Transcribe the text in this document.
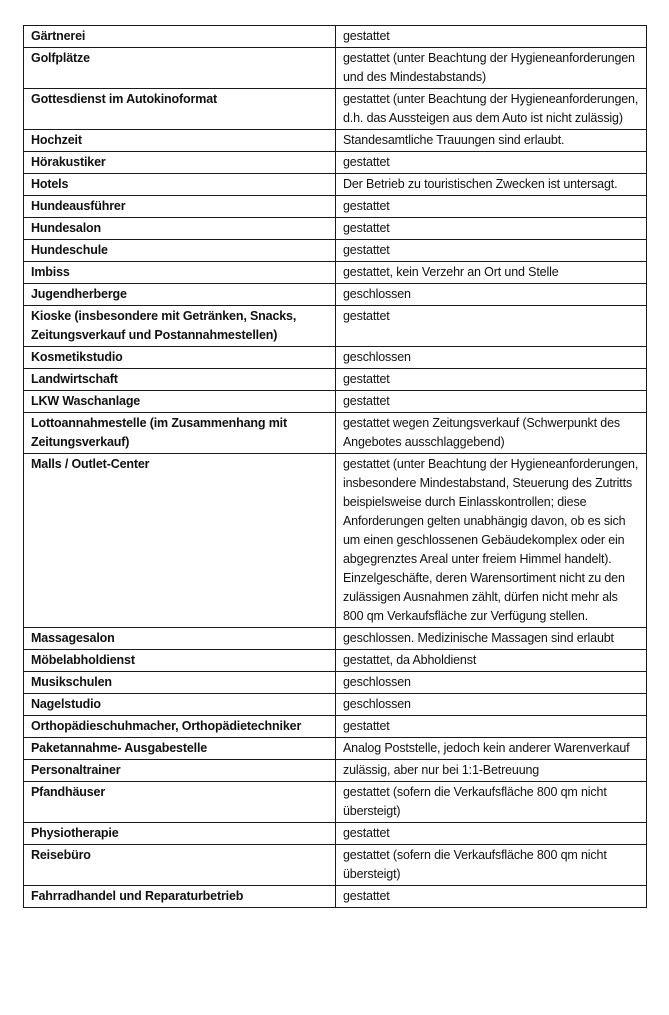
Gärtnerei	gestattet
Golfplätze	gestattet (unter Beachtung der Hygieneanforderungen und des Mindestabstands)
Gottesdienst im Autokinoformat	gestattet (unter Beachtung der Hygieneanforderungen, d.h. das Aussteigen aus dem Auto ist nicht zulässig)
Hochzeit	Standesamtliche Trauungen sind erlaubt.
Hörakustiker	gestattet
Hotels	Der Betrieb zu touristischen Zwecken ist untersagt.
Hundeausführer	gestattet
Hundesalon	gestattet
Hundeschule	gestattet
Imbiss	gestattet, kein Verzehr an Ort und Stelle
Jugendherberge	geschlossen
Kioske (insbesondere mit Getränken, Snacks, Zeitungsverkauf und Postannahmestellen)	gestattet
Kosmetikstudio	geschlossen
Landwirtschaft	gestattet
LKW Waschanlage	gestattet
Lottoannahmestelle (im Zusammenhang mit Zeitungsverkauf)	gestattet wegen Zeitungsverkauf (Schwerpunkt des Angebotes ausschlaggebend)
Malls / Outlet-Center	gestattet (unter Beachtung der Hygieneanforderungen, insbesondere Mindestabstand, Steuerung des Zutritts beispielsweise durch Einlasskontrollen; diese Anforderungen gelten unabhängig davon, ob es sich um einen geschlossenen Gebäudekomplex oder ein abgegrenztes Areal unter freiem Himmel handelt). Einzelgeschäfte, deren Warensortiment nicht zu den zulässigen Ausnahmen zählt, dürfen nicht mehr als 800 qm Verkaufsfläche zur Verfügung stellen.
Massagesalon	geschlossen. Medizinische Massagen sind erlaubt
Möbelabholdienst	gestattet, da Abholdienst
Musikschulen	geschlossen
Nagelstudio	geschlossen
Orthopädieschuhmacher, Orthopädietechniker	gestattet
Paketannahme- Ausgabestelle	Analog Poststelle, jedoch kein anderer Warenverkauf
Personaltrainer	zulässig, aber nur bei 1:1-Betreuung
Pfandhäuser	gestattet (sofern die Verkaufsfläche 800 qm nicht übersteigt)
Physiotherapie	gestattet
Reisebüro	gestattet (sofern die Verkaufsfläche 800 qm nicht übersteigt)
Fahrradhandel und Reparaturbetrieb	gestattet
